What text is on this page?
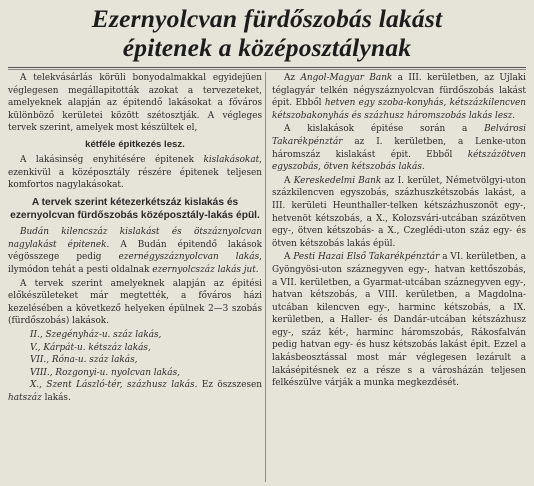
Ezernyolcvan fürdőszobás lakást
épitenek a középosztálynak

A telekvásárlás körüli bonyodalmakkal egyidejüen véglegesen megállapitották azokat a tervezeteket, amelyeknek alapján az épitendő lakásokat a főváros különböző kerületei között szétosztják. A végleges tervek szerint, amelyek most készültek el,

kétféle épitkezés lesz.

A lakásinség enyhitésére épitenek kislakásokat, ezenkivül a középosztály részére épitenek teljesen komfortos nagylakásokat.

A tervek szerint kétezerkétszáz kislakás és ezernyolcvan fürdőszobás középosztály-lakás épül.

Budán kilencszáz kislakást és ötszáznyolcvan nagylakást épitenek. A Budán épitendő lakások végösszege pedig ezernégyszáznyolcvan lakás, ilymódon tehát a pesti oldalnak ezernyolcszáz lakás jut.

A tervek szerint amelyeknek alapján az épitési előkészületeket már megtették, a főváros házi kezelésében a következő helyeken épülnek 2—3 szobás (fürdőszobás) lakások.

II., Szegényház-u. száz lakás,
V., Kárpát-u. kétszáz lakás,
VII., Róna-u. száz lakás,
VIII., Rozgonyi-u. nyolcvan lakás,

X., Szent László-tér, százhusz lakás. Ez öszszesen hatszáz lakás.

Az Angol-Magyar Bank a III. kerületben, az Ujlaki téglagyár telkén négyszáznyolcvan fürdőszobás lakást épit. Ebből hetven egy szoba-konyhás, kétszázkilencven kétszobakonyhás és százhusz háromszobás lakás lesz.

A kislakások épitése során a Belvárosi Takarékpénztár az I. kerületben, a Lenke-uton háromszáz kislakást épit. Ebből kétszázötven egyszobás, ötven kétszobás lakás.

A Kereskedelmi Bank az I. kerület, Németvölgyi-uton százkilencven egyszobás, százhuszkétszobás lakást, a III. kerületi Heunthaller-telken kétszázhuszonöt egy-, hetvenöt kétszobás, a X., Kolozsvári-utcában százötven egy-, ötven kétszobás- a X., Czeglédi-uton száz egy- és ötven kétszobás lakás épül.

A Pesti Hazai Első Takarékpénztár a VI. kerületben, a Gyöngyösi-uton száznegyven egy-, hatvan kettőszobás, a VII. kerületben, a Gyarmat-utcában száznegyven egy-, hatvan kétszobás, a VIII. kerületben, a Magdolna-utcában kilencven egy-, harminc kétszobás, a IX. kerületben, a Haller- és Dandár-utcában kétszázhusz egy-, száz két-, harminc háromszobás, Rákosfalván pedig hatvan egy- és husz kétszobás lakást épit. Ezzel a lakásbeosztással most már véglegesen lezárult a lakásépitésnek ez a része s a városházán teljesen felkészülve várják a munka megkezdését.
